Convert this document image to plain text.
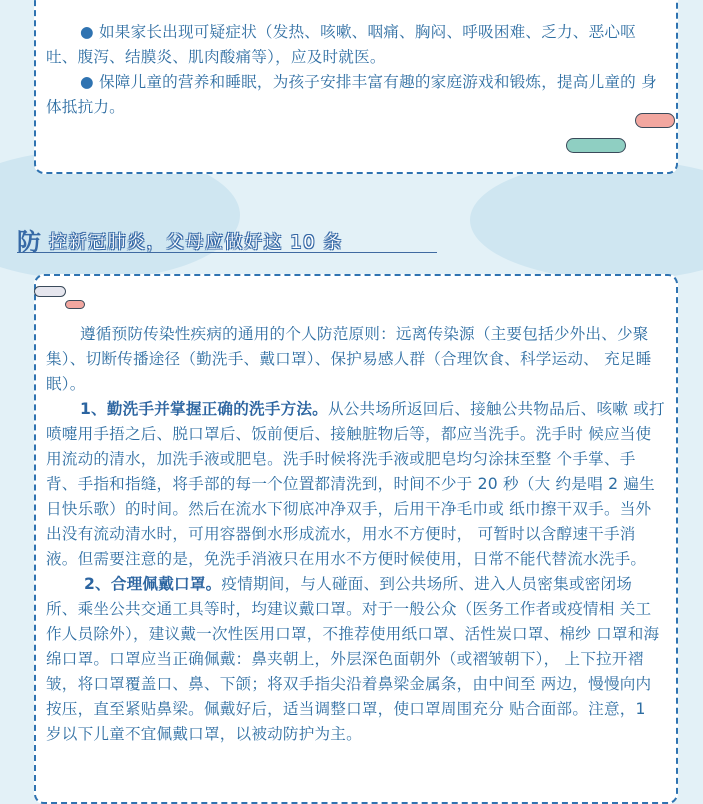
● 如果家长出现可疑症状（发热、咳嗽、咽痛、胸闷、呼吸困难、乏力、恶心呕 吐、腹泻、结膜炎、肌肉酸痛等），应及时就医。

● 保障儿童的营养和睡眠，为孩子安排丰富有趣的家庭游戏和锻炼，提高儿童的 身体抵抗力。

防 控新冠肺炎，父母应做好这 10 条

遵循预防传染性疾病的通用的个人防范原则：远离传染源（主要包括少外出、少聚集）、切断传播途径（勤洗手、戴口罩）、保护易感人群（合理饮食、科学运动、 充足睡眠）。

1、勤洗手并掌握正确的洗手方法。从公共场所返回后、接触公共物品后、咳嗽 或打喷嚏用手捂之后、脱口罩后、饭前便后、接触脏物后等，都应当洗手。洗手时 候应当使用流动的清水，加洗手液或肥皂。洗手时候将洗手液或肥皂均匀涂抹至整 个手掌、手背、手指和指缝，将手部的每一个位置都清洗到，时间不少于 20 秒（大 约是唱 2 遍生日快乐歌）的时间。然后在流水下彻底冲净双手，后用干净毛巾或 纸巾擦干双手。当外出没有流动清水时，可用容器倒水形成流水，用水不方便时， 可暂时以含醇速干手消液。但需要注意的是，免洗手消液只在用水不方便时候使用，日常不能代替流水洗手。

2、合理佩戴口罩。疫情期间，与人碰面、到公共场所、进入人员密集或密闭场 所、乘坐公共交通工具等时，均建议戴口罩。对于一般公众（医务工作者或疫情相 关工作人员除外），建议戴一次性医用口罩，不推荐使用纸口罩、活性炭口罩、棉纱 口罩和海绵口罩。口罩应当正确佩戴：鼻夹朝上，外层深色面朝外（或褶皱朝下）， 上下拉开褶皱，将口罩覆盖口、鼻、下颌；将双手指尖沿着鼻梁金属条，由中间至 两边，慢慢向内按压，直至紧贴鼻梁。佩戴好后，适当调整口罩，使口罩周围充分 贴合面部。注意，1 岁以下儿童不宜佩戴口罩，以被动防护为主。
